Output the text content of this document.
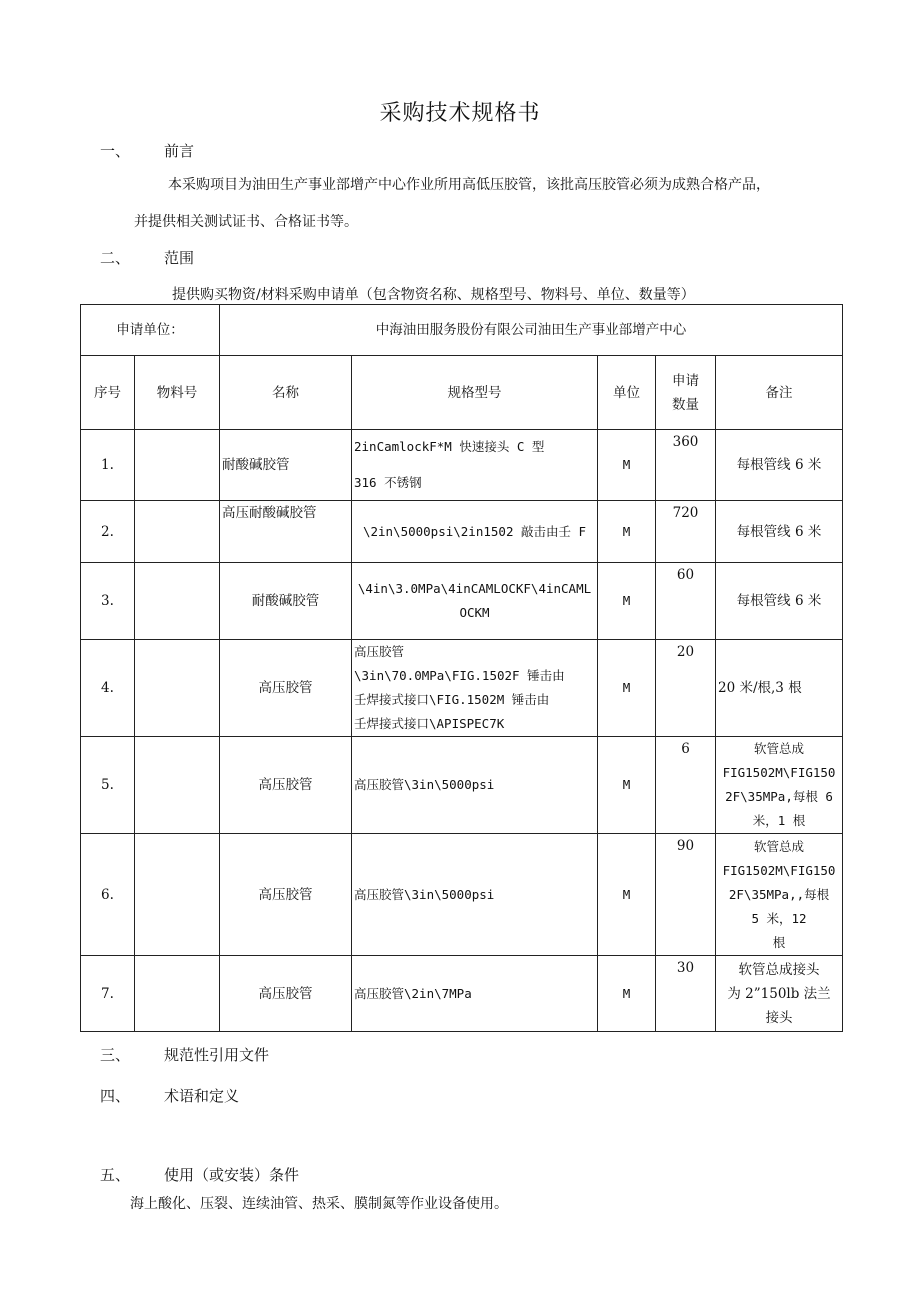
采购技术规格书
一、 前言
本采购项目为油田生产事业部增产中心作业所用高低压胶管，该批高压胶管必须为成熟合格产品，
并提供相关测试证书、合格证书等。
二、 范围
提供购买物资/材料采购申请单（包含物资名称、规格型号、物料号、单位、数量等）
申请单位：		中海油田服务股份有限公司油田生产事业部增产中心				
序号	物料号	名称	规格型号	单位	申请
数量	备注
1.		耐酸碱胶管	2inCamlockF*M 快速接头 C 型
316 不锈钢	M	360	每根管线 6 米

2.		高压耐酸碱胶管	\2in\5000psi\2in1502 敲击由壬 F	M	720	每根管线 6 米

3.		耐酸碱胶管	\4in\3.0MPa\4inCAMLOCKF\4inCAML
OCKM	M	60	每根管线 6 米

4.		高压胶管	高压胶管
\3in\70.0MPa\FIG.1502F 锤击由
壬焊接式接口\FIG.1502M 锤击由
壬焊接式接口\APISPEC7K	M	20	20 米/根,3 根

5.		高压胶管	高压胶管\3in\5000psi	M	6	软管总成
FIG1502M\FIG150
2F\35MPa,每根 6
米，1 根

6.		高压胶管	高压胶管\3in\5000psi	M	90	软管总成
FIG1502M\FIG150
2F\35MPa,,每根
5 米，12
根

7.		高压胶管	高压胶管\2in\7MPa	M	30	软管总成接头
为 2”150lb 法兰
接头
三、 规范性引用文件
四、 术语和定义
五、 使用（或安装）条件
海上酸化、压裂、连续油管、热采、膜制氮等作业设备使用。
